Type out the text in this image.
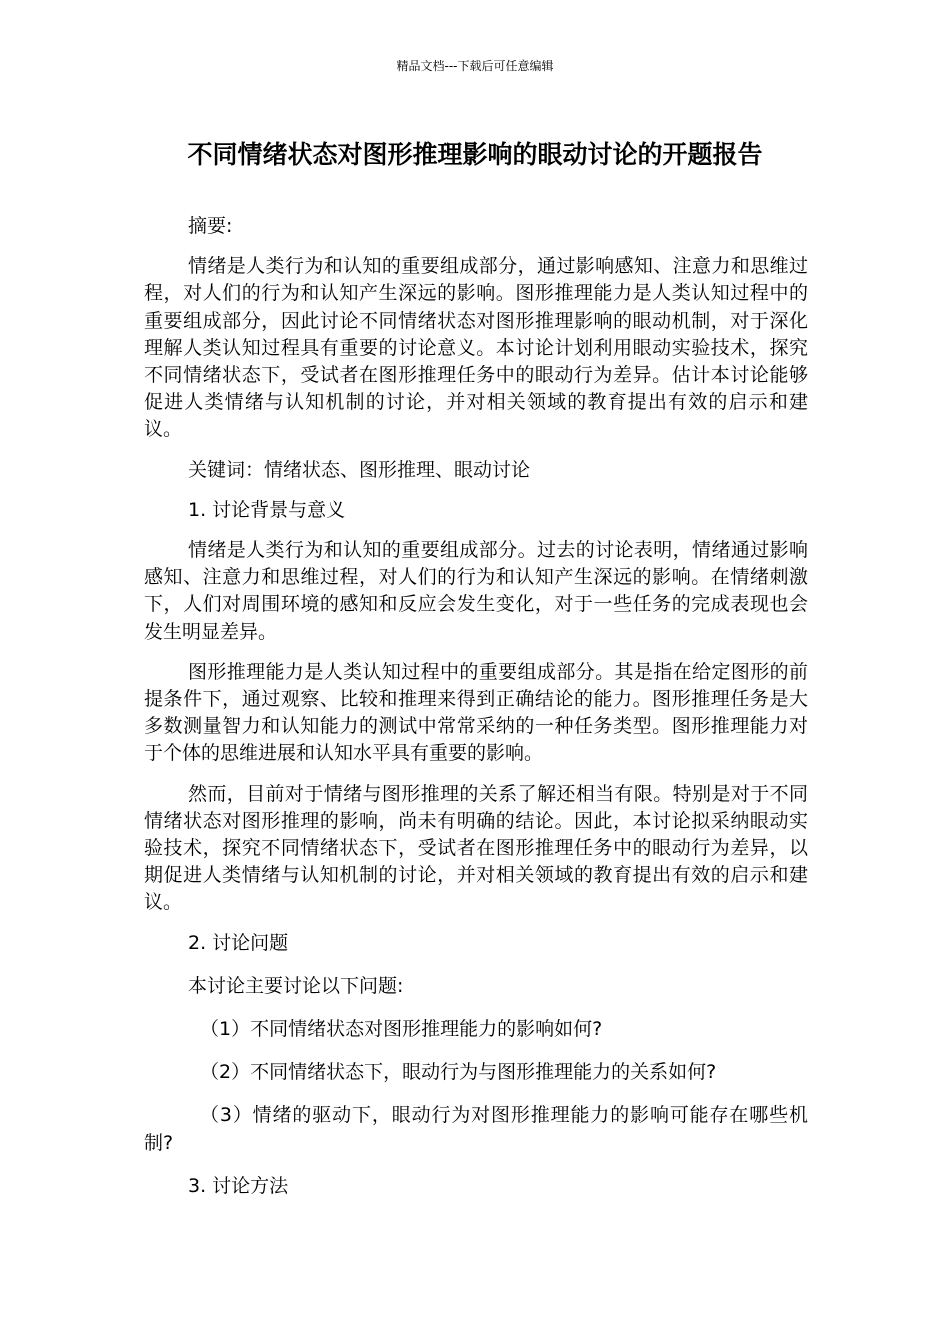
精品文档---下载后可任意编辑
不同情绪状态对图形推理影响的眼动讨论的开题报告

摘要:

情绪是人类行为和认知的重要组成部分，通过影响感知、注意力和思维过程，对人们的行为和认知产生深远的影响。图形推理能力是人类认知过程中的重要组成部分，因此讨论不同情绪状态对图形推理影响的眼动机制，对于深化理解人类认知过程具有重要的讨论意义。本讨论计划利用眼动实验技术，探究不同情绪状态下，受试者在图形推理任务中的眼动行为差异。估计本讨论能够促进人类情绪与认知机制的讨论，并对相关领域的教育提出有效的启示和建议。

关键词：情绪状态、图形推理、眼动讨论

1. 讨论背景与意义

情绪是人类行为和认知的重要组成部分。过去的讨论表明，情绪通过影响感知、注意力和思维过程，对人们的行为和认知产生深远的影响。在情绪刺激下，人们对周围环境的感知和反应会发生变化，对于一些任务的完成表现也会发生明显差异。

图形推理能力是人类认知过程中的重要组成部分。其是指在给定图形的前提条件下，通过观察、比较和推理来得到正确结论的能力。图形推理任务是大多数测量智力和认知能力的测试中常常采纳的一种任务类型。图形推理能力对于个体的思维进展和认知水平具有重要的影响。

然而，目前对于情绪与图形推理的关系了解还相当有限。特别是对于不同情绪状态对图形推理的影响，尚未有明确的结论。因此，本讨论拟采纳眼动实验技术，探究不同情绪状态下，受试者在图形推理任务中的眼动行为差异，以期促进人类情绪与认知机制的讨论，并对相关领域的教育提出有效的启示和建议。

2. 讨论问题

本讨论主要讨论以下问题:

（1）不同情绪状态对图形推理能力的影响如何?

（2）不同情绪状态下，眼动行为与图形推理能力的关系如何?

（3）情绪的驱动下，眼动行为对图形推理能力的影响可能存在哪些机制?

3. 讨论方法
